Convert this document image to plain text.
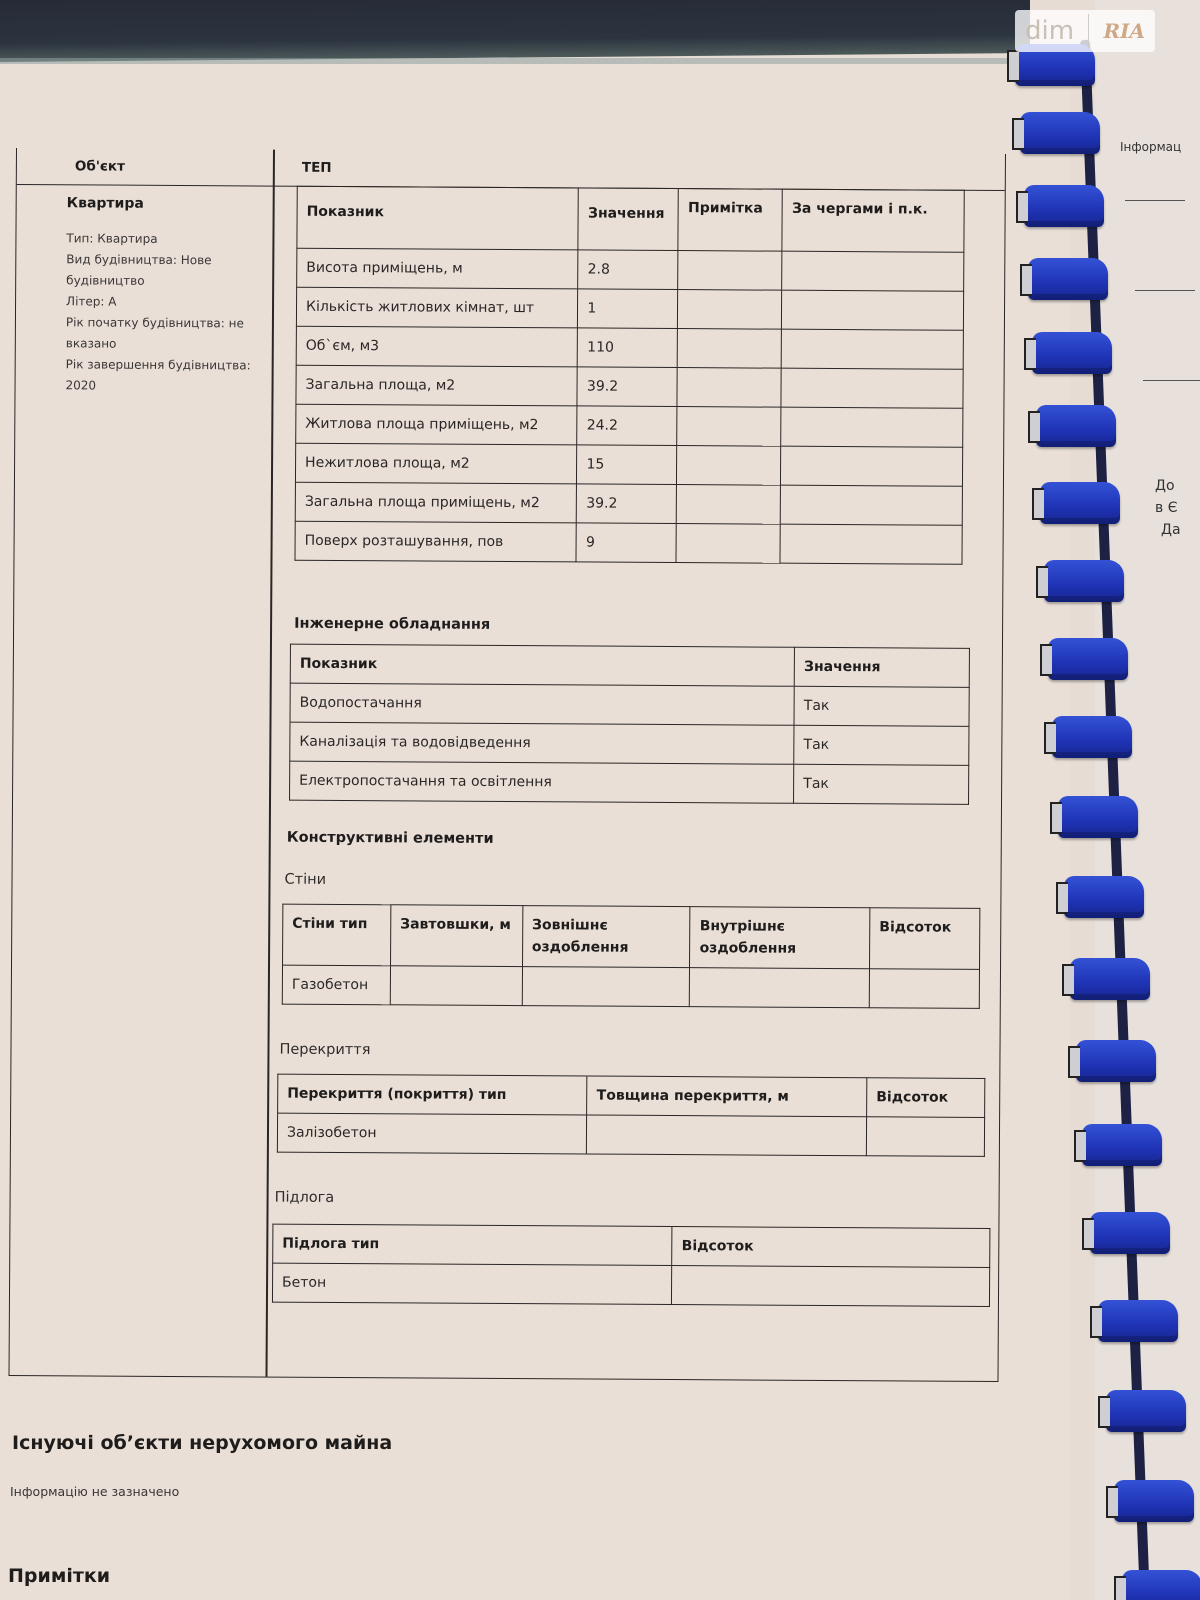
Інформац
До
в Є
Да
dim RIA
Об'єкт	ТЕП
Квартира
Тип: Квартира
Вид будівництва: Нове
будівництво
Літер: А
Рік початку будівництва: не
вказано
Рік завершення будівництва:
2020
Показник	Значення	Примітка	За чергами і п.к.
Висота приміщень, м	2.8		
Кількість житлових кімнат, шт	1		
Об`єм, м3	110		
Загальна площа, м2	39.2		
Житлова площа приміщень, м2	24.2		
Нежитлова площа, м2	15		
Загальна площа приміщень, м2	39.2		
Поверх розташування, пов	9		
Інженерне обладнання
Показник	Значення
Водопостачання	Так
Каналізація та водовідведення	Так
Електропостачання та освітлення	Так
Конструктивні елементи
Стіни
Стіни тип	Завтовшки, м	Зовнішнє оздоблення	Внутрішнє оздоблення	Відсоток
Газобетон				
Перекриття
Перекриття (покриття) тип	Товщина перекриття, м	Відсоток
Залізобетон		
Підлога
Підлога тип	Відсоток
Бетон	
Існуючі об’єкти нерухомого майна
Інформацію не зазначено
Примітки
